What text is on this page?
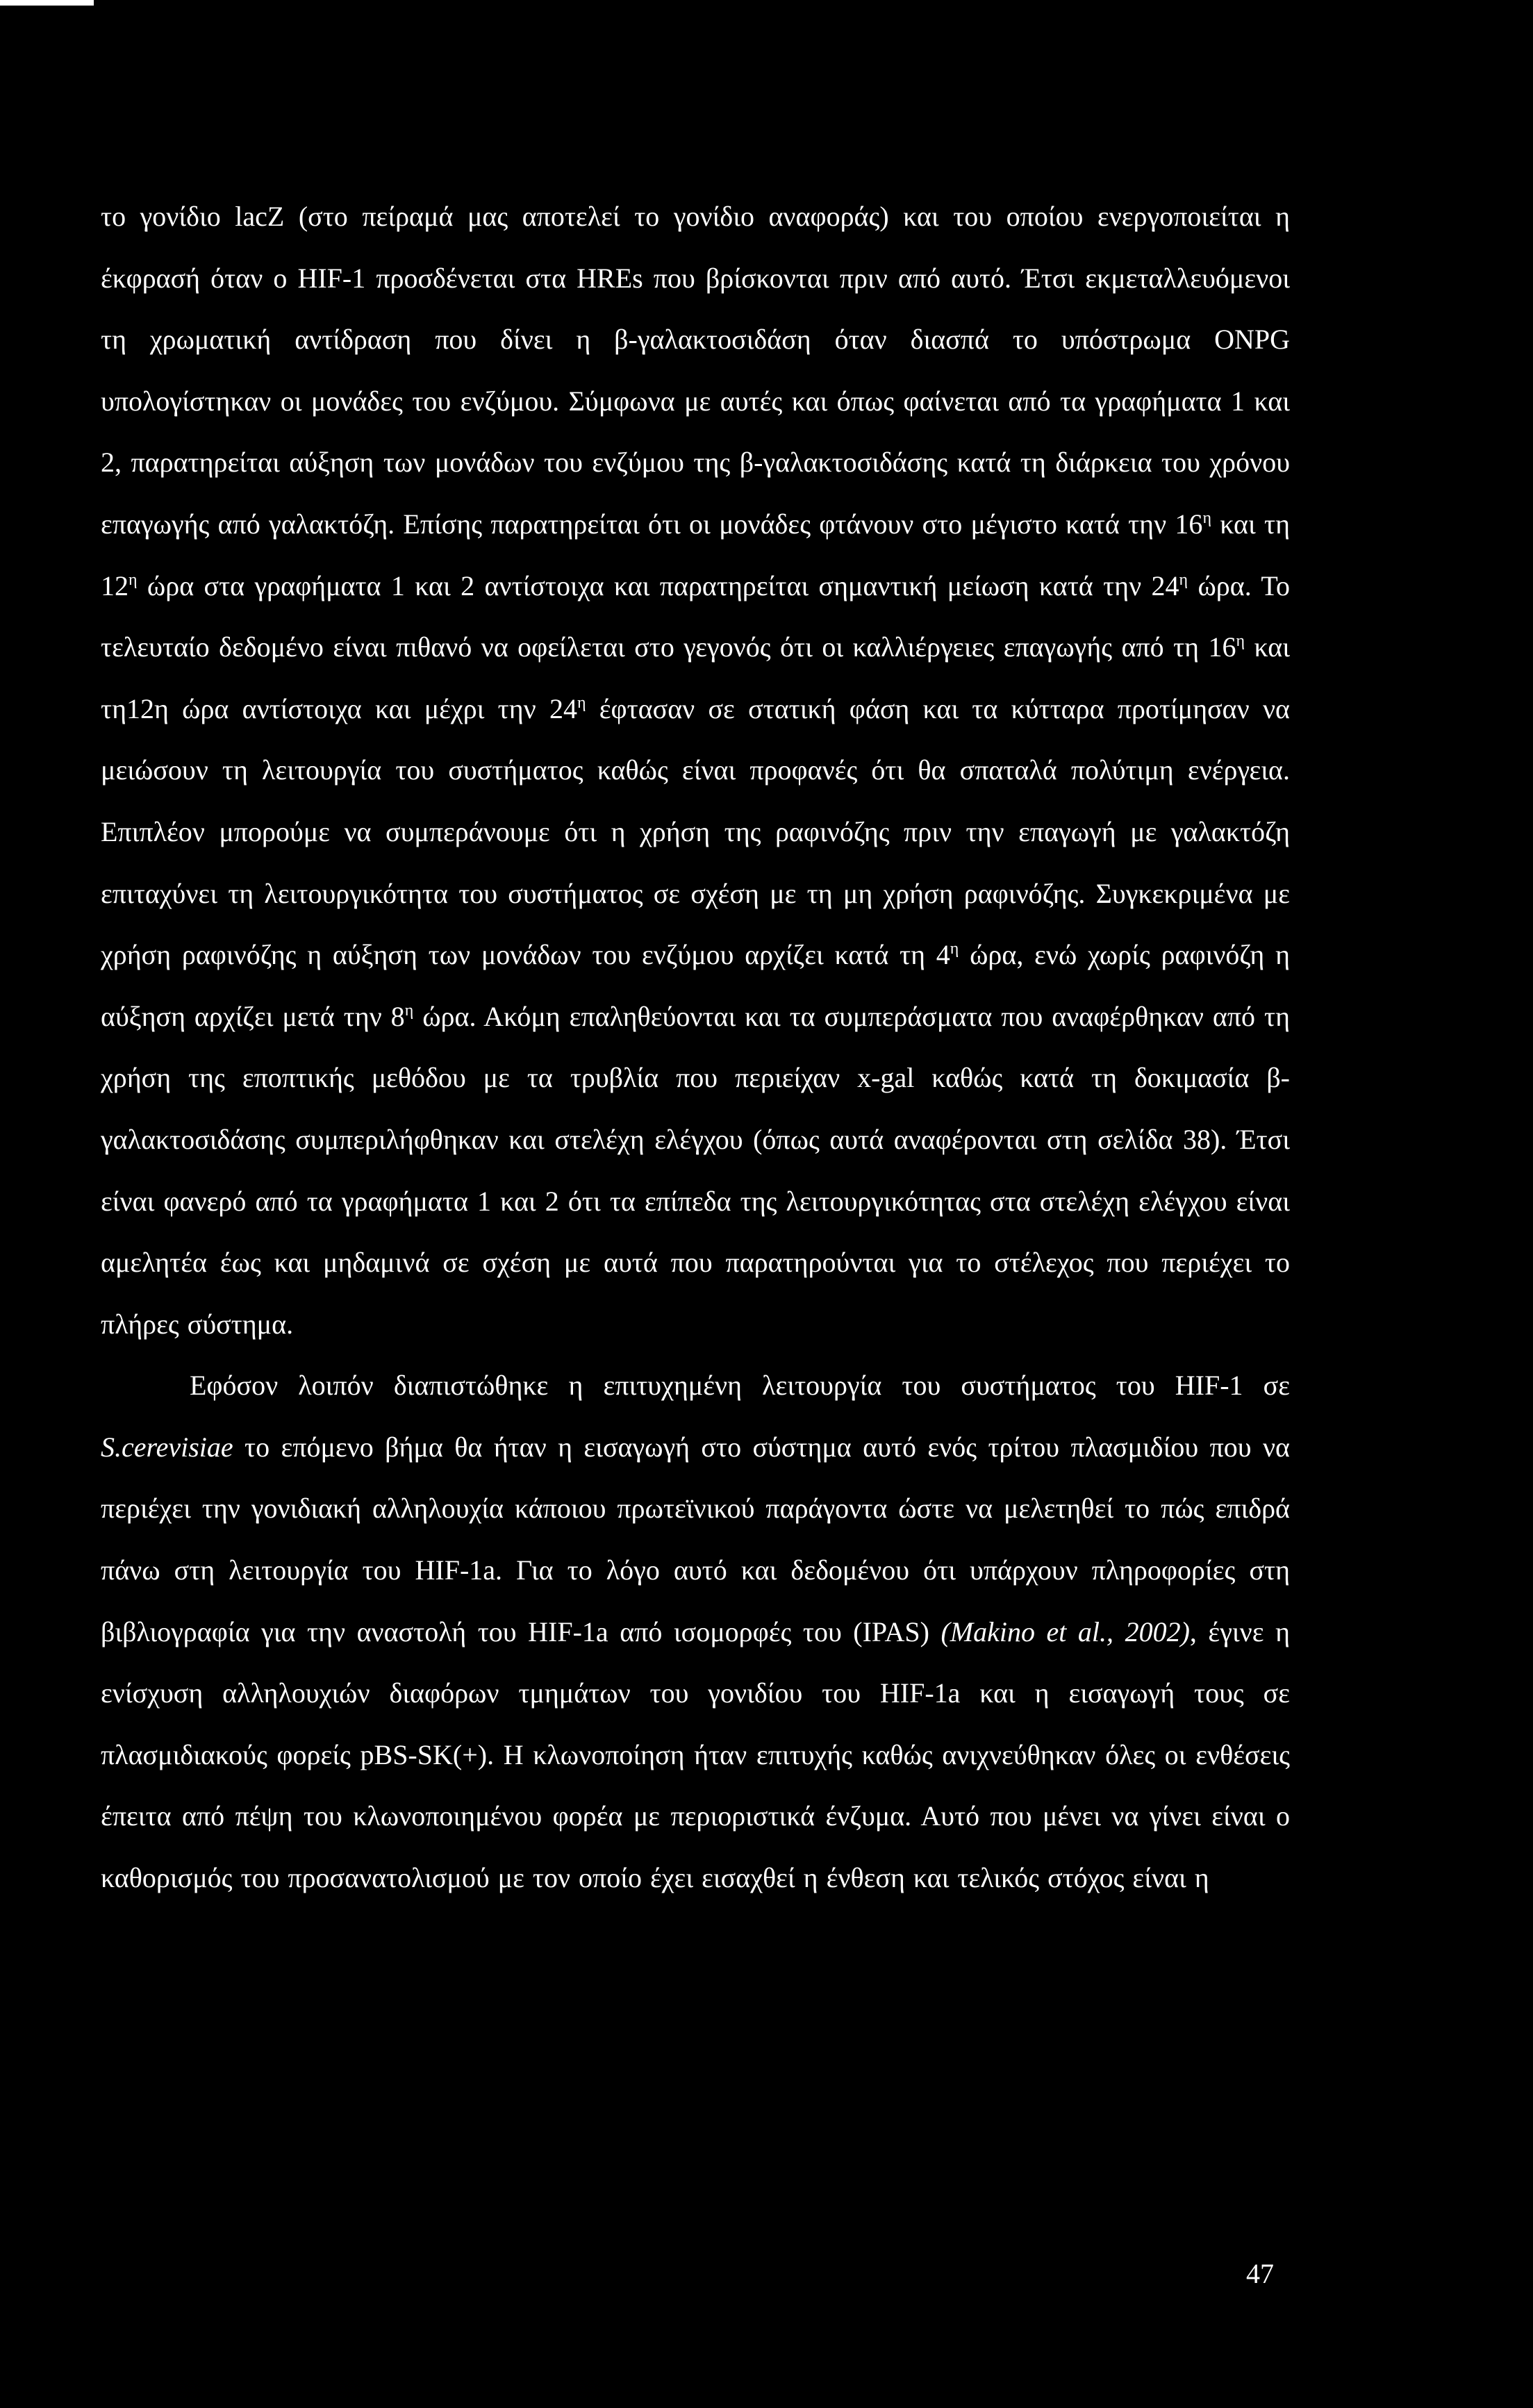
το γονίδιο lacZ (στο πείραμά μας αποτελεί το γονίδιο αναφοράς) και του οποίου ενεργοποιείται η έκφρασή όταν ο HIF-1 προσδένεται στα HREs που βρίσκονται πριν από αυτό. Έτσι εκμεταλλευόμενοι τη χρωματική αντίδραση που δίνει η β-γαλακτοσιδάση όταν διασπά το υπόστρωμα ONPG υπολογίστηκαν οι μονάδες του ενζύμου. Σύμφωνα με αυτές και όπως φαίνεται από τα γραφήματα 1 και 2, παρατηρείται αύξηση των μονάδων του ενζύμου της β-γαλακτοσιδάσης κατά τη διάρκεια του χρόνου επαγωγής από γαλακτόζη. Επίσης παρατηρείται ότι οι μονάδες φτάνουν στο μέγιστο κατά την $16^\eta$ και τη $12^\eta$ ώρα στα γραφήματα 1 και 2 αντίστοιχα και παρατηρείται σημαντική μείωση κατά την $24^\eta$ ώρα. Το τελευταίο δεδομένο είναι πιθανό να οφείλεται στο γεγονός ότι οι καλλιέργειες επαγωγής από τη $16^\eta$ και τη12η ώρα αντίστοιχα και μέχρι την $24^\eta$ έφτασαν σε στατική φάση και τα κύτταρα προτίμησαν να μειώσουν τη λειτουργία του συστήματος καθώς είναι προφανές ότι θα σπαταλά πολύτιμη ενέργεια. Επιπλέον μπορούμε να συμπεράνουμε ότι η χρήση της ραφινόζης πριν την επαγωγή με γαλακτόζη επιταχύνει τη λειτουργικότητα του συστήματος σε σχέση με τη μη χρήση ραφινόζης. Συγκεκριμένα με χρήση ραφινόζης η αύξηση των μονάδων του ενζύμου αρχίζει κατά τη $4^\eta$ ώρα, ενώ χωρίς ραφινόζη η αύξηση αρχίζει μετά την $8^\eta$ ώρα. Ακόμη επαληθεύονται και τα συμπεράσματα που αναφέρθηκαν από τη χρήση της εποπτικής μεθόδου με τα τρυβλία που περιείχαν x-gal καθώς κατά τη δοκιμασία β-γαλακτοσιδάσης συμπεριλήφθηκαν και στελέχη ελέγχου (όπως αυτά αναφέρονται στη σελίδα 38). Έτσι είναι φανερό από τα γραφήματα 1 και 2 ότι τα επίπεδα της λειτουργικότητας στα στελέχη ελέγχου είναι αμελητέα έως και μηδαμινά σε σχέση με αυτά που παρατηρούνται για το στέλεχος που περιέχει το πλήρες σύστημα.

Εφόσον λοιπόν διαπιστώθηκε η επιτυχημένη λειτουργία του συστήματος του HIF-1 σε S.cerevisiae το επόμενο βήμα θα ήταν η εισαγωγή στο σύστημα αυτό ενός τρίτου πλασμιδίου που να περιέχει την γονιδιακή αλληλουχία κάποιου πρωτεϊνικού παράγοντα ώστε να μελετηθεί το πώς επιδρά πάνω στη λειτουργία του HIF-1a. Για το λόγο αυτό και δεδομένου ότι υπάρχουν πληροφορίες στη βιβλιογραφία για την αναστολή του HIF-1a από ισομορφές του (IPAS) (Makino et al., 2002), έγινε η ενίσχυση αλληλουχιών διαφόρων τμημάτων του γονιδίου του HIF-1a και η εισαγωγή τους σε πλασμιδιακούς φορείς pBS-SK(+). Η κλωνοποίηση ήταν επιτυχής καθώς ανιχνεύθηκαν όλες οι ενθέσεις έπειτα από πέψη του κλωνοποιημένου φορέα με περιοριστικά ένζυμα. Αυτό που μένει να γίνει είναι ο καθορισμός του προσανατολισμού με τον οποίο έχει εισαχθεί η ένθεση και τελικός στόχος είναι η

47
